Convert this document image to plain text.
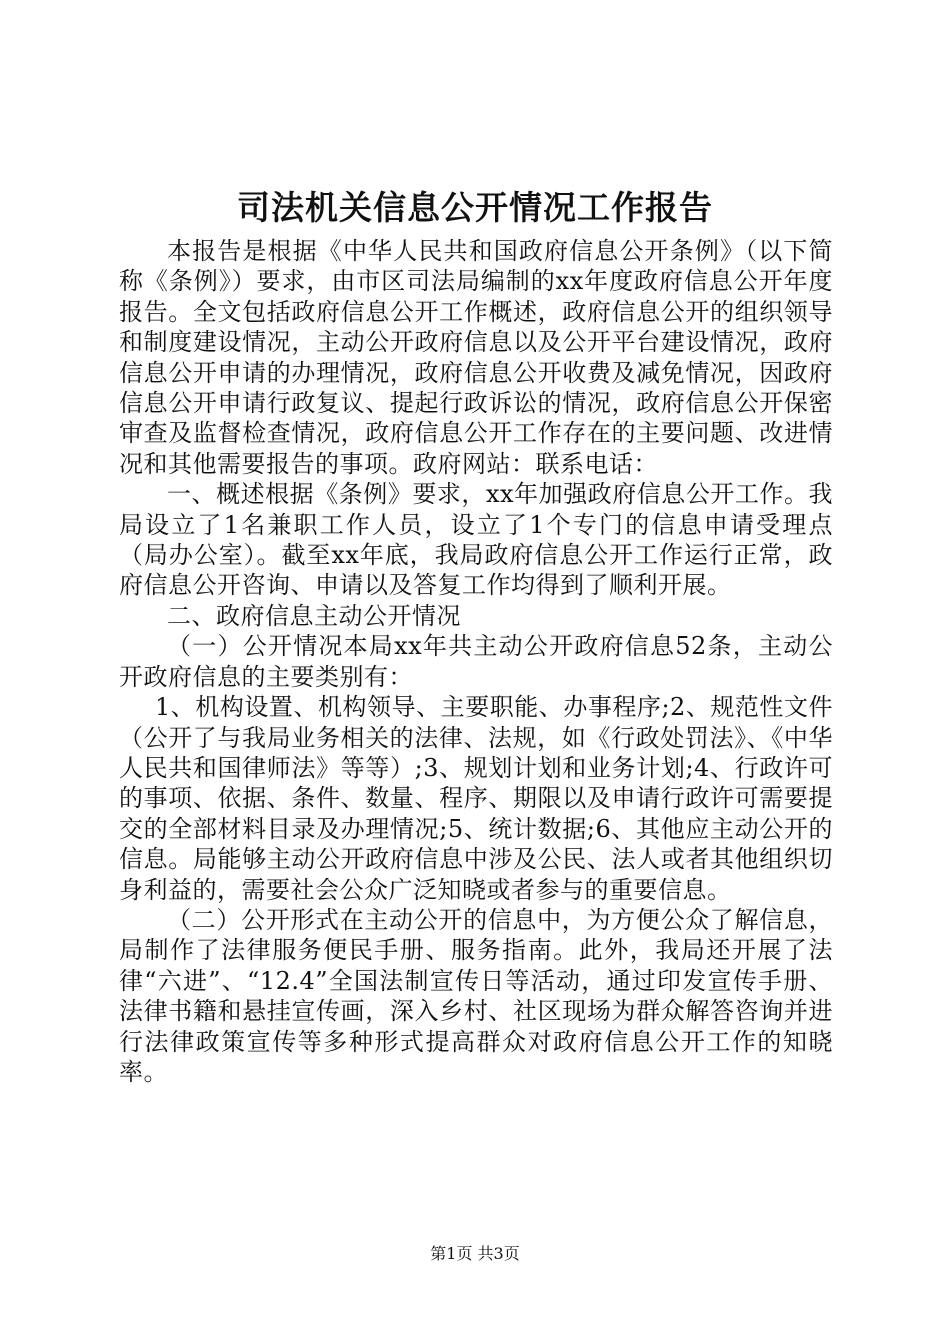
司法机关信息公开情况工作报告

本报告是根据《中华人民共和国政府信息公开条例》（以下简称《条例》）要求，由市区司法局编制的xx年度政府信息公开年度报告。全文包括政府信息公开工作概述，政府信息公开的组织领导和制度建设情况，主动公开政府信息以及公开平台建设情况，政府信息公开申请的办理情况，政府信息公开收费及减免情况，因政府信息公开申请行政复议、提起行政诉讼的情况，政府信息公开保密审查及监督检查情况，政府信息公开工作存在的主要问题、改进情况和其他需要报告的事项。政府网站：联系电话：

一、概述根据《条例》要求，xx年加强政府信息公开工作。我局设立了1名兼职工作人员，设立了1个专门的信息申请受理点（局办公室）。截至xx年底，我局政府信息公开工作运行正常，政府信息公开咨询、申请以及答复工作均得到了顺利开展。

二、政府信息主动公开情况

（一）公开情况本局xx年共主动公开政府信息52条，主动公开政府信息的主要类别有：

1、机构设置、机构领导、主要职能、办事程序;2、规范性文件（公开了与我局业务相关的法律、法规，如《行政处罚法》、《中华人民共和国律师法》等等）;3、规划计划和业务计划;4、行政许可的事项、依据、条件、数量、程序、期限以及申请行政许可需要提交的全部材料目录及办理情况;5、统计数据;6、其他应主动公开的信息。局能够主动公开政府信息中涉及公民、法人或者其他组织切身利益的，需要社会公众广泛知晓或者参与的重要信息。

（二）公开形式在主动公开的信息中，为方便公众了解信息，局制作了法律服务便民手册、服务指南。此外，我局还开展了法律“六进”、“12.4”全国法制宣传日等活动，通过印发宣传手册、法律书籍和悬挂宣传画，深入乡村、社区现场为群众解答咨询并进行法律政策宣传等多种形式提高群众对政府信息公开工作的知晓率。

第1页 共3页
